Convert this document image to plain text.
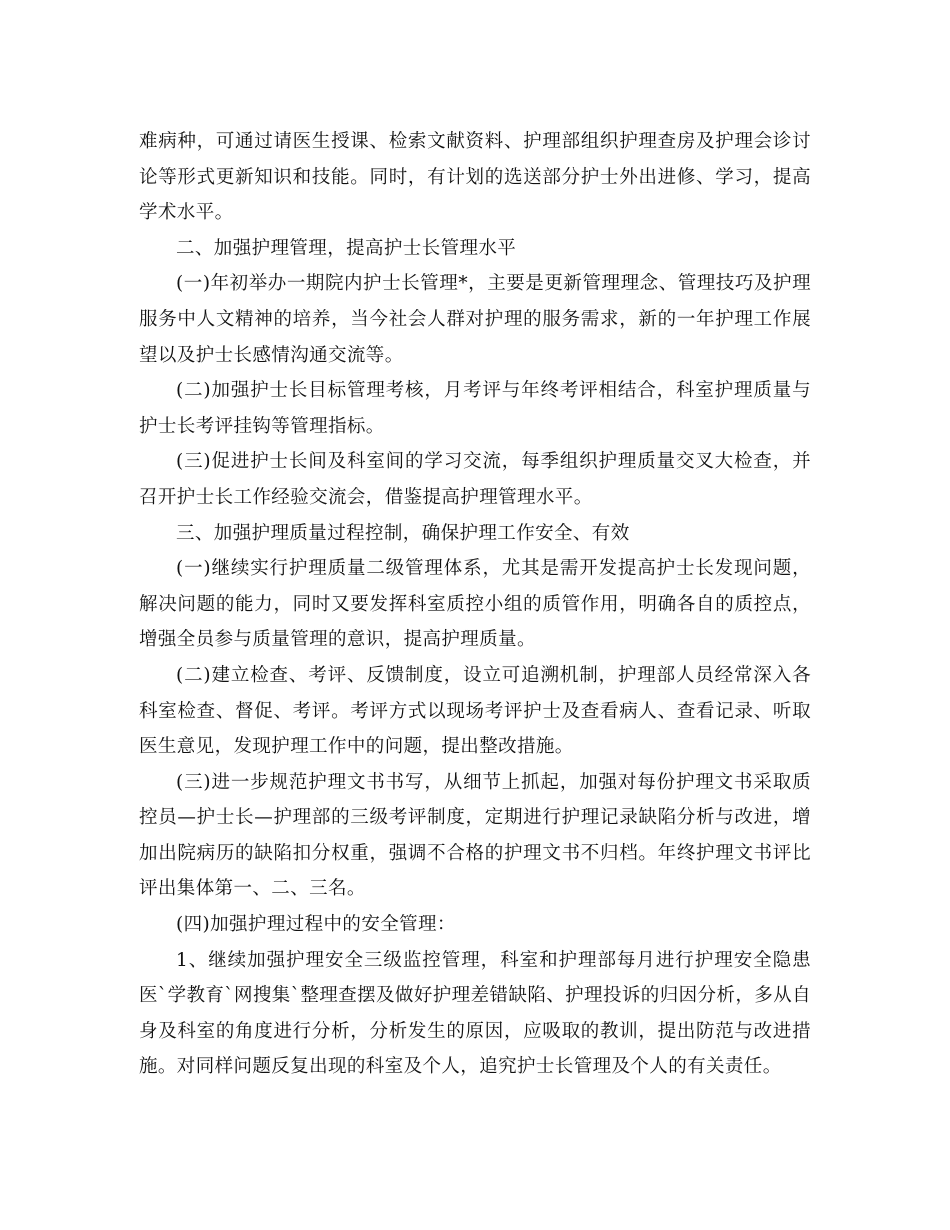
难病种，可通过请医生授课、检索文献资料、护理部组织护理查房及护理会诊讨论等形式更新知识和技能。同时，有计划的选送部分护士外出进修、学习，提高学术水平。

二、加强护理管理，提高护士长管理水平

(一)年初举办一期院内护士长管理*，主要是更新管理理念、管理技巧及护理服务中人文精神的培养，当今社会人群对护理的服务需求，新的一年护理工作展望以及护士长感情沟通交流等。

(二)加强护士长目标管理考核，月考评与年终考评相结合，科室护理质量与护士长考评挂钩等管理指标。

(三)促进护士长间及科室间的学习交流，每季组织护理质量交叉大检查，并召开护士长工作经验交流会，借鉴提高护理管理水平。

三、加强护理质量过程控制，确保护理工作安全、有效

(一)继续实行护理质量二级管理体系，尤其是需开发提高护士长发现问题，解决问题的能力，同时又要发挥科室质控小组的质管作用，明确各自的质控点，增强全员参与质量管理的意识，提高护理质量。

(二)建立检查、考评、反馈制度，设立可追溯机制，护理部人员经常深入各科室检查、督促、考评。考评方式以现场考评护士及查看病人、查看记录、听取医生意见，发现护理工作中的问题，提出整改措施。

(三)进一步规范护理文书书写，从细节上抓起，加强对每份护理文书采取质控员—护士长—护理部的三级考评制度，定期进行护理记录缺陷分析与改进，增加出院病历的缺陷扣分权重，强调不合格的护理文书不归档。年终护理文书评比评出集体第一、二、三名。

(四)加强护理过程中的安全管理：

1、继续加强护理安全三级监控管理，科室和护理部每月进行护理安全隐患医`学教育`网搜集`整理查摆及做好护理差错缺陷、护理投诉的归因分析，多从自身及科室的角度进行分析，分析发生的原因，应吸取的教训，提出防范与改进措施。对同样问题反复出现的科室及个人，追究护士长管理及个人的有关责任。
